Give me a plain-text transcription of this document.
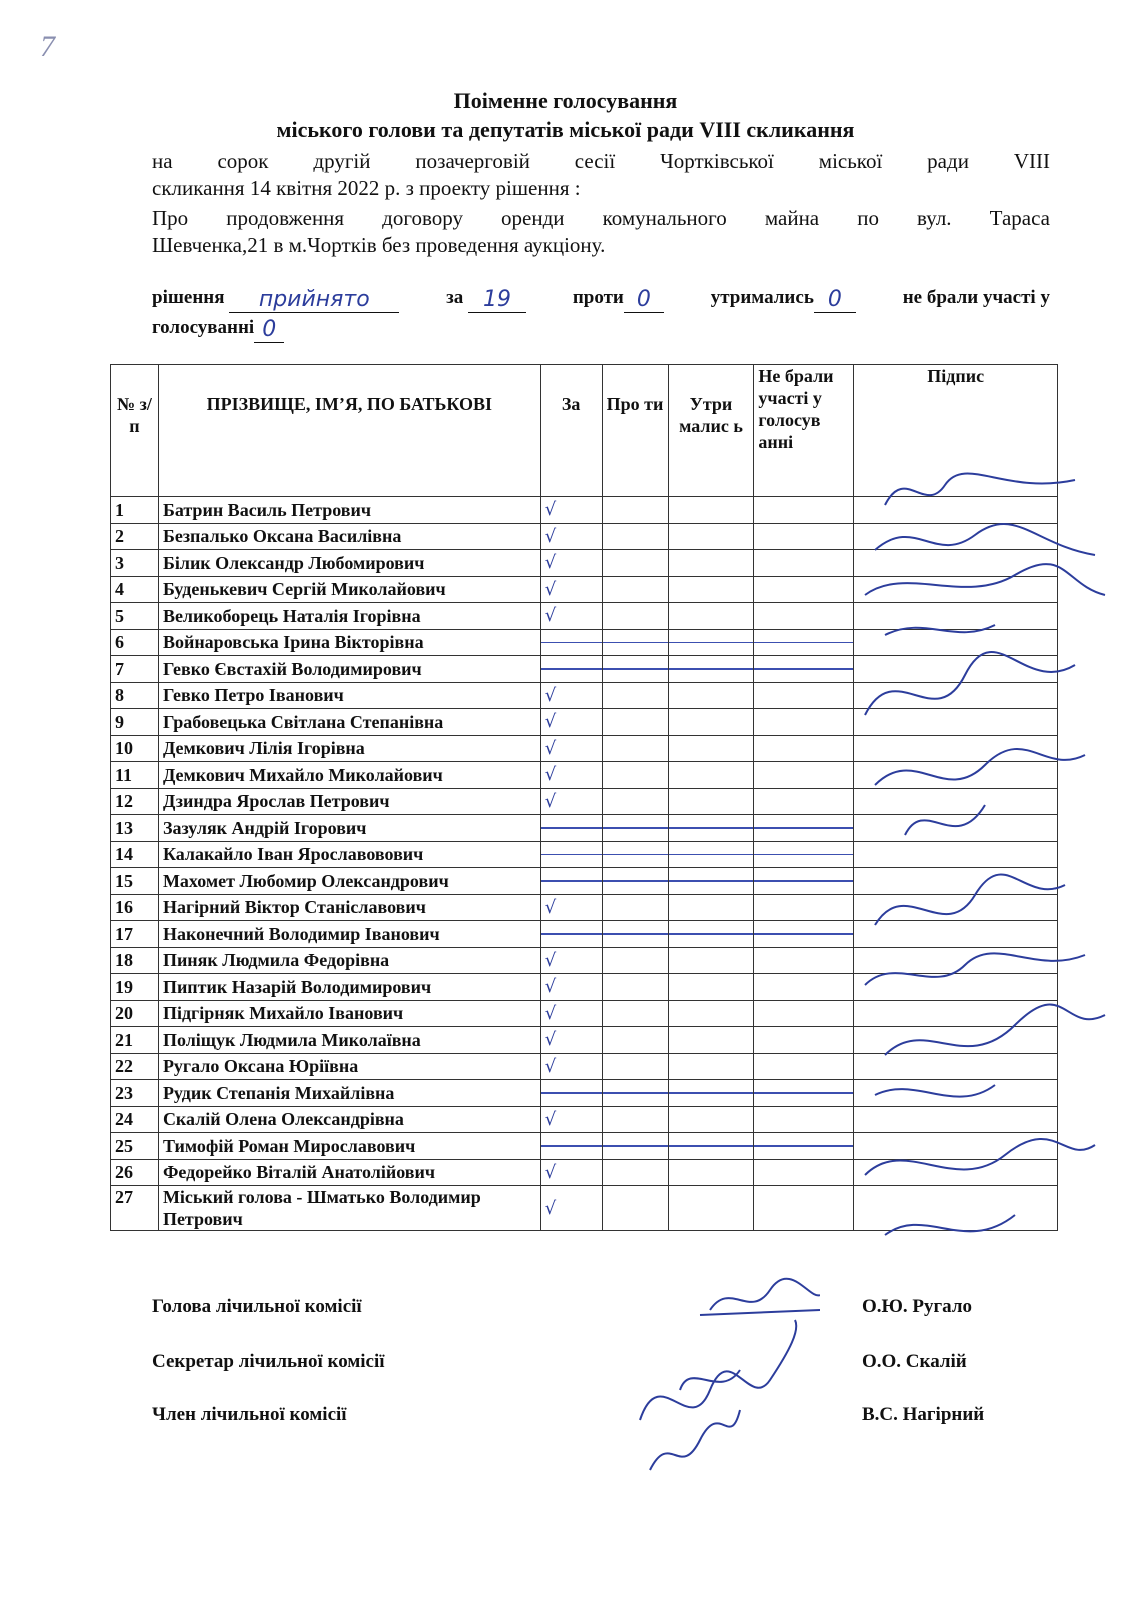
7
Поіменне голосування
міського голови та депутатів міської ради VIII скликання
на сорок другій позачерговій сесії Чортківської міської ради VIII
скликання 14 квітня 2022 р. з проекту рішення :
Про продовження договору оренди комунального майна по вул. Тараса
Шевченка,21 в м.Чортків без проведення аукціону.
рішення прийнято	за 19	проти 0	утримались 0	не брали участі у
голосуванні 0
№ з/п	ПРІЗВИЩЕ, ІМ’Я, ПО БАТЬКОВІ	За	Про ти	Утри малис ь	Не брали участі у голосув анні	Підпис
1	Батрин Василь Петрович	√				
2	Безпалько Оксана Василівна	√				
3	Білик Олександр Любомирович	√				
4	Буденькевич Сергій Миколайович	√				
5	Великоборець Наталія Ігорівна	√				
6	Войнаровська Ірина Вікторівна	

7	Гевко Євстахій Володимирович	

8	Гевко Петро Іванович	√				
9	Грабовецька Світлана Степанівна	√				
10	Демкович Лілія Ігорівна	√				
11	Демкович Михайло Миколайович	√				
12	Дзиндра Ярослав Петрович	√				
13	Зазуляк Андрій Ігорович	

14	Калакайло Іван Ярославовович	

15	Махомет Любомир Олександрович	

16	Нагірний Віктор Станіславович	√				
17	Наконечний Володимир Іванович	

18	Пиняк Людмила Федорівна	√				
19	Пиптик Назарій Володимирович	√				
20	Підгірняк Михайло Іванович	√				
21	Поліщук Людмила Миколаївна	√				
22	Ругало Оксана Юріївна	√				
23	Рудик Степанія Михайлівна	

24	Скалій Олена Олександрівна	√				
25	Тимофій Роман Мирославович	

26	Федорейко Віталій Анатолійович	√				
27	Міський голова - Шматько Володимир Петрович	√				
Голова лічильної комісії	О.Ю. Ругало
Секретар лічильної комісії	О.О. Скалій
Член лічильної комісії	В.С. Нагірний
